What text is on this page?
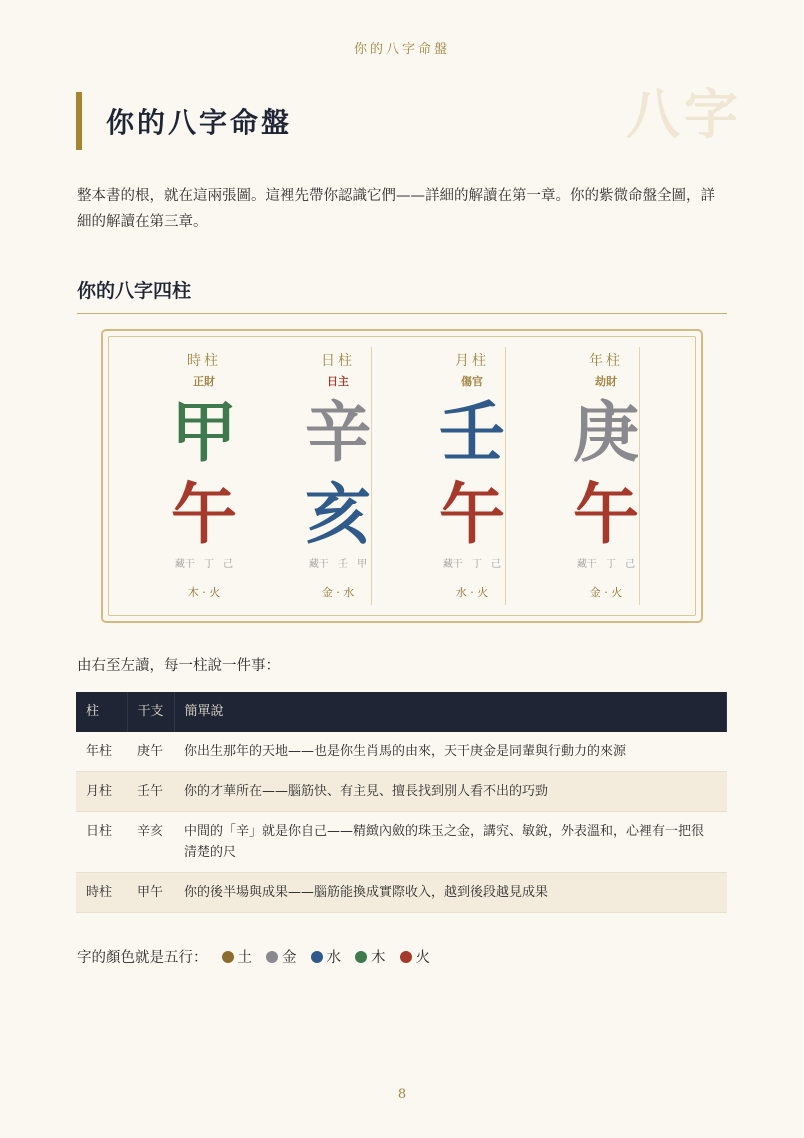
你的八字命盤
八字
你的八字命盤

整本書的根，就在這兩張圖。這裡先帶你認識它們——詳細的解讀在第一章。你的紫微命盤全圖，詳細的解讀在第三章。

你的八字四柱
時柱
正財
甲
午
藏干 丁 己
木 · 火
日柱
日主
辛
亥
藏干 壬 甲
金 · 水
月柱
傷官
壬
午
藏干 丁 己
水 · 火
年柱
劫財
庚
午
藏干 丁 己
金 · 火

由右至左讀，每一柱說一件事：

柱	干支	簡單說
年柱	庚午	你出生那年的天地——也是你生肖馬的由來，天干庚金是同輩與行動力的來源
月柱	壬午	你的才華所在——腦筋快、有主見、擅長找到別人看不出的巧勁
日柱	辛亥	中間的「辛」就是你自己——精緻內斂的珠玉之金，講究、敏銳，外表溫和，心裡有一把很清楚的尺
時柱	甲午	你的後半場與成果——腦筋能換成實際收入，越到後段越見成果
字的顏色就是五行： 土 金 水 木 火
8
